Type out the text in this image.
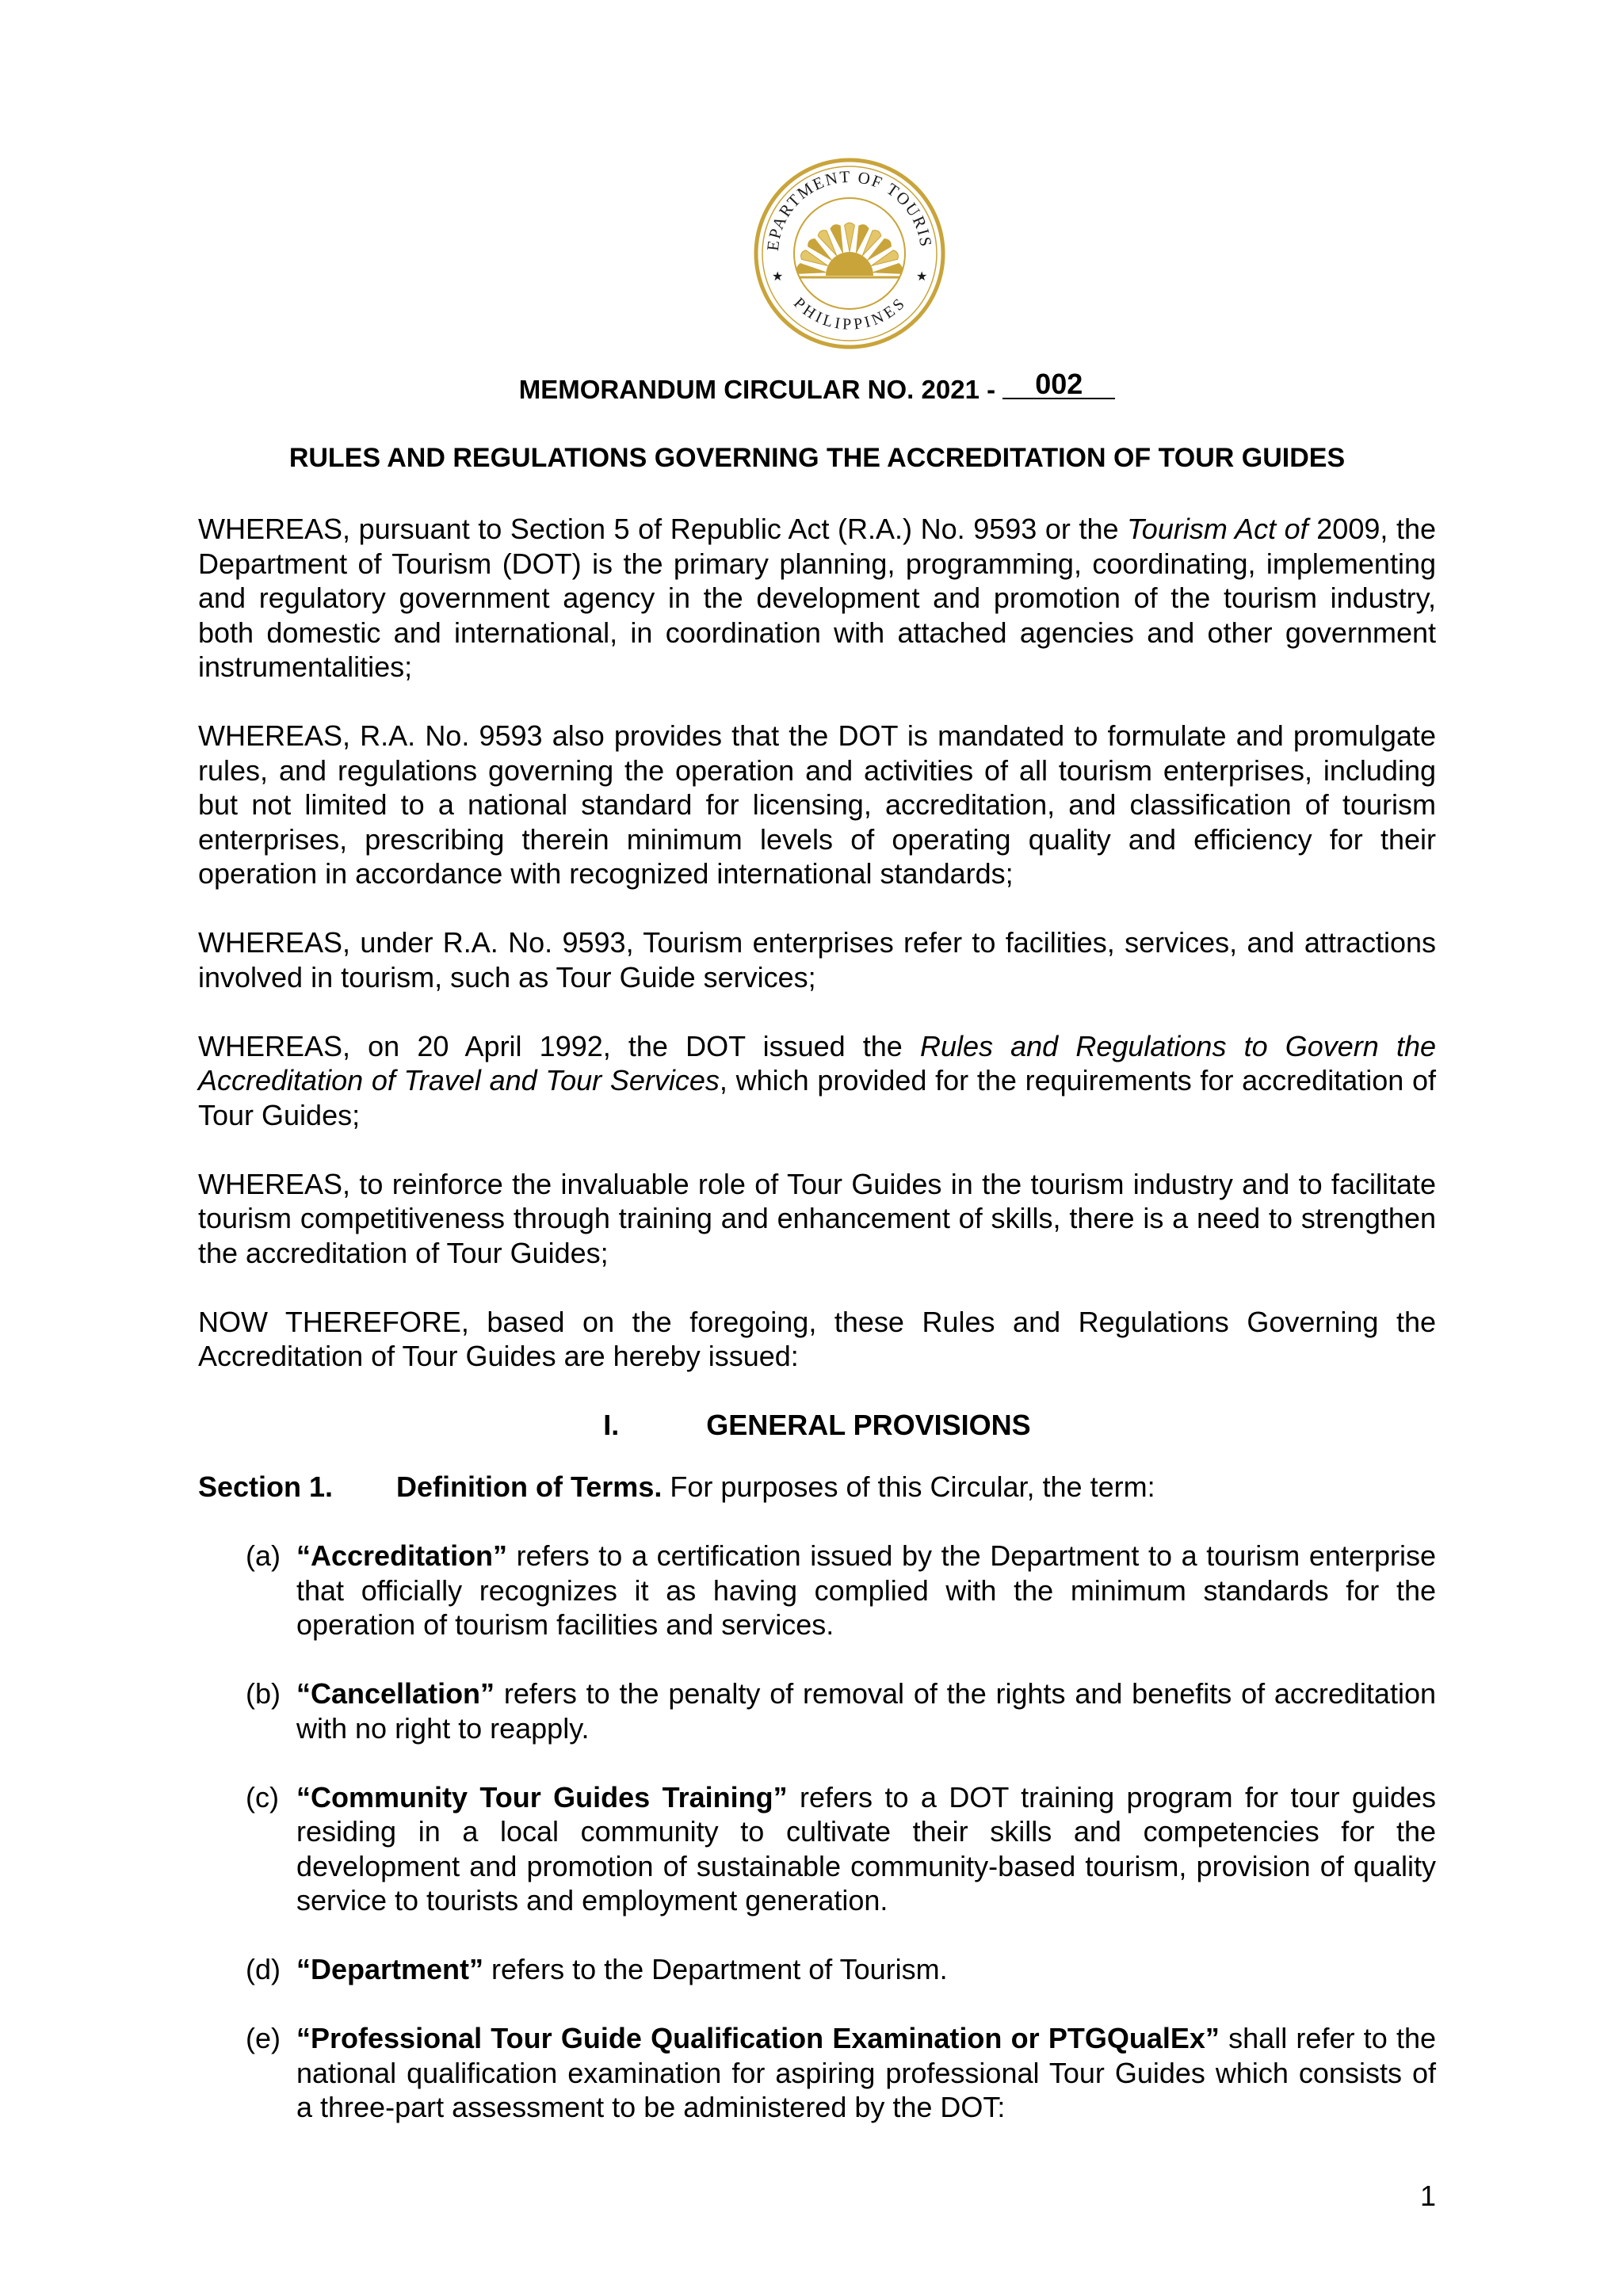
EPARTMENT OF TOURIS
PHILIPPINES
★	★
MEMORANDUM CIRCULAR NO. 2021 - 002
RULES AND REGULATIONS GOVERNING THE ACCREDITATION OF TOUR GUIDES

WHEREAS, pursuant to Section 5 of Republic Act (R.A.) No. 9593 or the Tourism Act of 2009, the Department of Tourism (DOT) is the primary planning, programming, coordinating, implementing and regulatory government agency in the development and promotion of the tourism industry, both domestic and international, in coordination with attached agencies and other government instrumentalities;

WHEREAS, R.A. No. 9593 also provides that the DOT is mandated to formulate and promulgate rules, and regulations governing the operation and activities of all tourism enterprises, including but not limited to a national standard for licensing, accreditation, and classification of tourism enterprises, prescribing therein minimum levels of operating quality and efficiency for their operation in accordance with recognized international standards;

WHEREAS, under R.A. No. 9593, Tourism enterprises refer to facilities, services, and attractions involved in tourism, such as Tour Guide services;

WHEREAS, on 20 April 1992, the DOT issued the Rules and Regulations to Govern the Accreditation of Travel and Tour Services, which provided for the requirements for accreditation of Tour Guides;

WHEREAS, to reinforce the invaluable role of Tour Guides in the tourism industry and to facilitate tourism competitiveness through training and enhancement of skills, there is a need to strengthen the accreditation of Tour Guides;

NOW THEREFORE, based on the foregoing, these Rules and Regulations Governing the Accreditation of Tour Guides are hereby issued:

I.	GENERAL PROVISIONS
Section 1. Definition of Terms. For purposes of this Circular, the term:
(a) “Accreditation” refers to a certification issued by the Department to a tourism enterprise that officially recognizes it as having complied with the minimum standards for the operation of tourism facilities and services.
(b) “Cancellation” refers to the penalty of removal of the rights and benefits of accreditation with no right to reapply.
(c) “Community Tour Guides Training” refers to a DOT training program for tour guides residing in a local community to cultivate their skills and competencies for the development and promotion of sustainable community-based tourism, provision of quality service to tourists and employment generation.
(d) “Department” refers to the Department of Tourism.
(e) “Professional Tour Guide Qualification Examination or PTGQualEx” shall refer to the national qualification examination for aspiring professional Tour Guides which consists of a three-part assessment to be administered by the DOT:
1
